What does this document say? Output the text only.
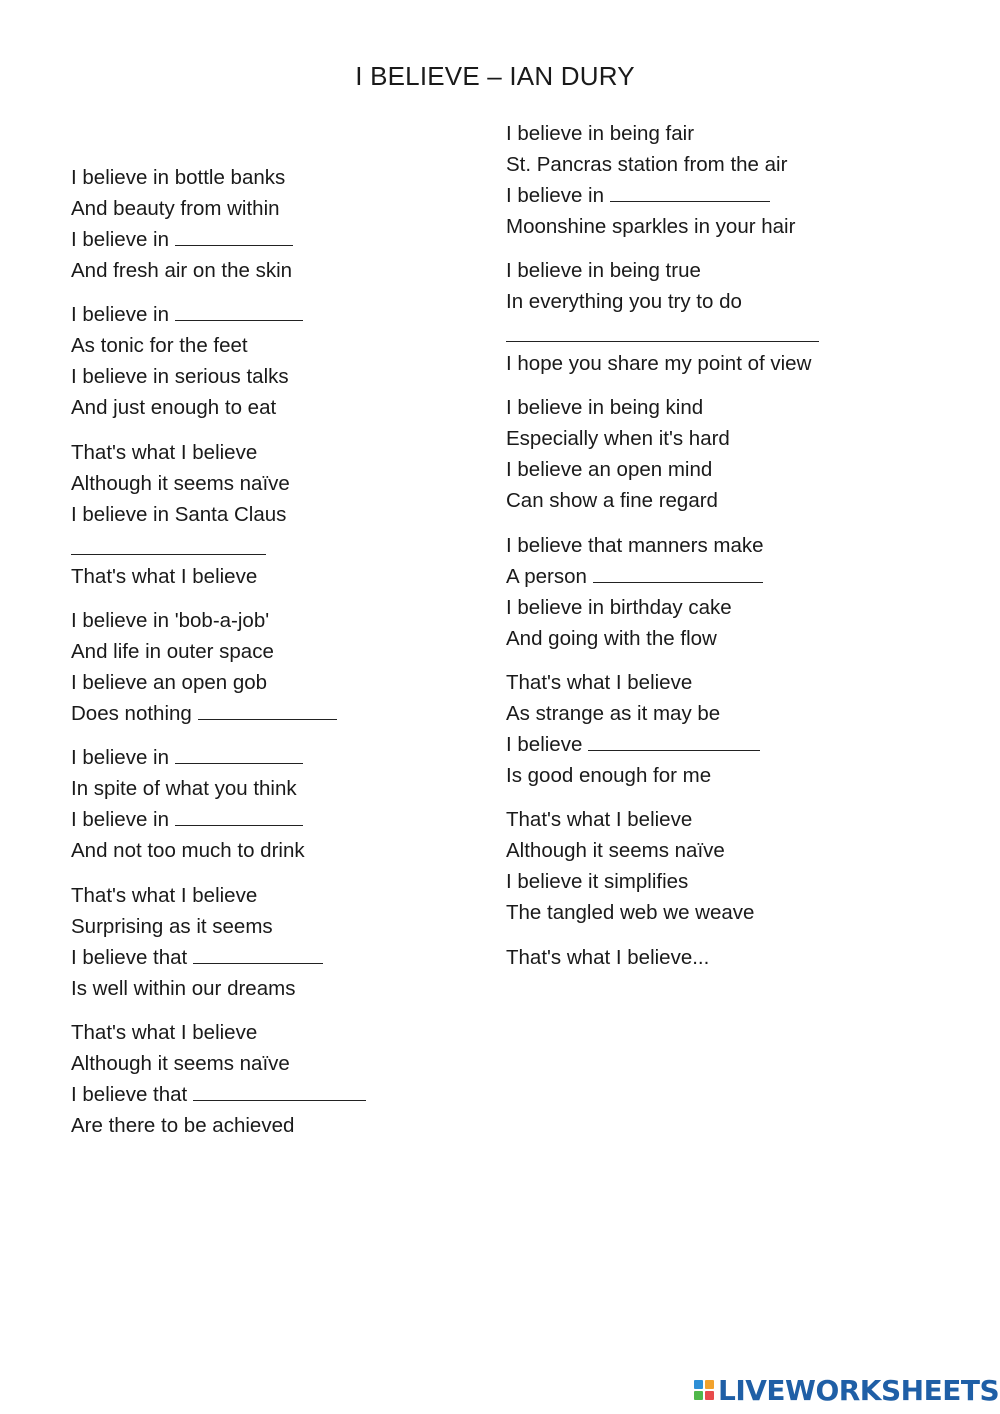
I BELIEVE – IAN DURY
I believe in bottle banks
And beauty from within
I believe in
And fresh air on the skin
I believe in
As tonic for the feet
I believe in serious talks
And just enough to eat
That's what I believe
Although it seems naïve
I believe in Santa Claus
That's what I believe
I believe in 'bob-a-job'
And life in outer space
I believe an open gob
Does nothing
I believe in
In spite of what you think
I believe in
And not too much to drink
That's what I believe
Surprising as it seems
I believe that
Is well within our dreams
That's what I believe
Although it seems naïve
I believe that
Are there to be achieved
I believe in being fair
St. Pancras station from the air
I believe in
Moonshine sparkles in your hair
I believe in being true
In everything you try to do
I hope you share my point of view
I believe in being kind
Especially when it's hard
I believe an open mind
Can show a fine regard
I believe that manners make
A person
I believe in birthday cake
And going with the flow
That's what I believe
As strange as it may be
I believe
Is good enough for me
That's what I believe
Although it seems naïve
I believe it simplifies
The tangled web we weave
That's what I believe...
LIVEWORKSHEETS
